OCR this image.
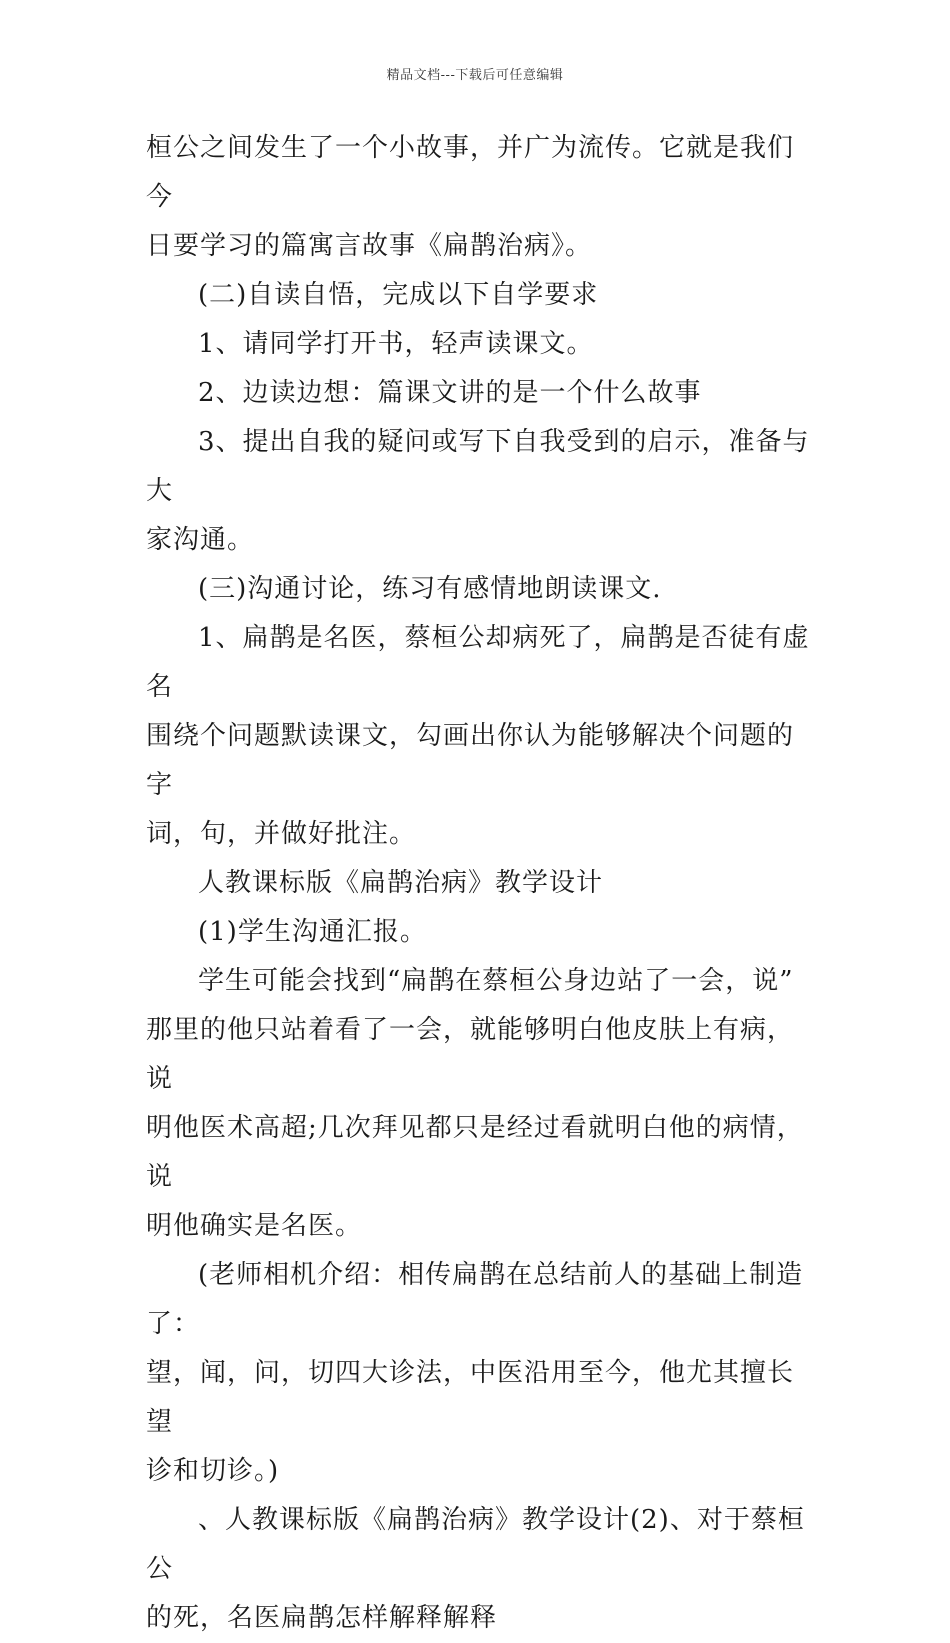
精品文档---下载后可任意编辑

桓公之间发生了一个小故事，并广为流传。它就是我们今
日要学习的篇寓言故事《扁鹊治病》。

(二)自读自悟，完成以下自学要求

1、请同学打开书，轻声读课文。

2、边读边想：篇课文讲的是一个什么故事

3、提出自我的疑问或写下自我受到的启示，准备与大
家沟通。

(三)沟通讨论，练习有感情地朗读课文.

1、扁鹊是名医，蔡桓公却病死了，扁鹊是否徒有虚名
围绕个问题默读课文，勾画出你认为能够解决个问题的字
词，句，并做好批注。

人教课标版《扁鹊治病》教学设计

(1)学生沟通汇报。

学生可能会找到“扁鹊在蔡桓公身边站了一会，说”
那里的他只站着看了一会，就能够明白他皮肤上有病，说
明他医术高超;几次拜见都只是经过看就明白他的病情，说
明他确实是名医。

(老师相机介绍：相传扁鹊在总结前人的基础上制造了：
望，闻，问，切四大诊法，中医沿用至今，他尤其擅长望
诊和切诊。)

、人教课标版《扁鹊治病》教学设计(2)、对于蔡桓公
的死，名医扁鹊怎样解释解释
